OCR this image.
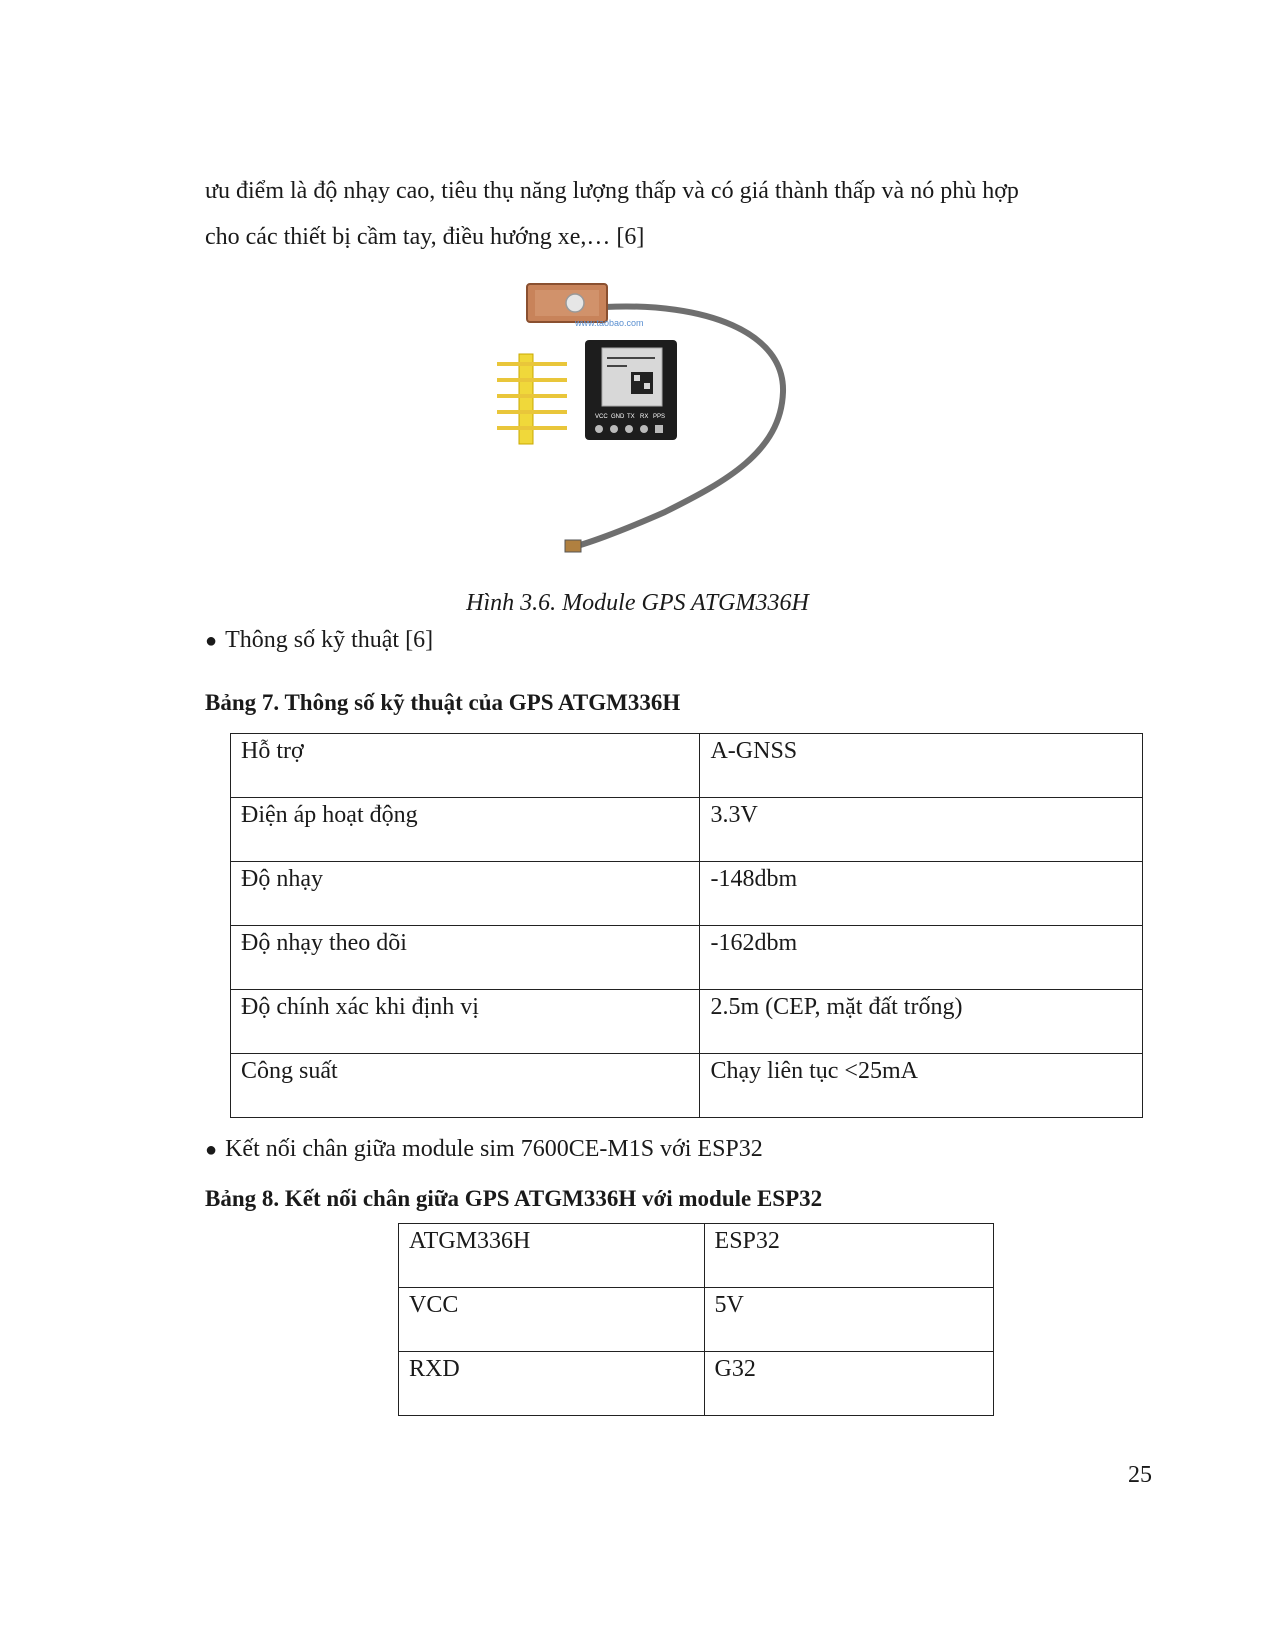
ưu điểm là độ nhạy cao, tiêu thụ năng lượng thấp và có giá thành thấp và nó phù hợp

cho các thiết bị cầm tay, điều hướng xe,… [6]

www.taobao.com
VCC GND TX RX PPS
Hình 3.6. Module GPS ATGM336H
● Thông số kỹ thuật [6]
Bảng 7. Thông số kỹ thuật của GPS ATGM336H
Hỗ trợ	A-GNSS
Điện áp hoạt động	3.3V
Độ nhạy	-148dbm
Độ nhạy theo dõi	-162dbm
Độ chính xác khi định vị	2.5m (CEP, mặt đất trống)
Công suất	Chạy liên tục <25mA
● Kết nối chân giữa module sim 7600CE-M1S với ESP32
Bảng 8. Kết nối chân giữa GPS ATGM336H với module ESP32
ATGM336H	ESP32
VCC	5V
RXD	G32
25
